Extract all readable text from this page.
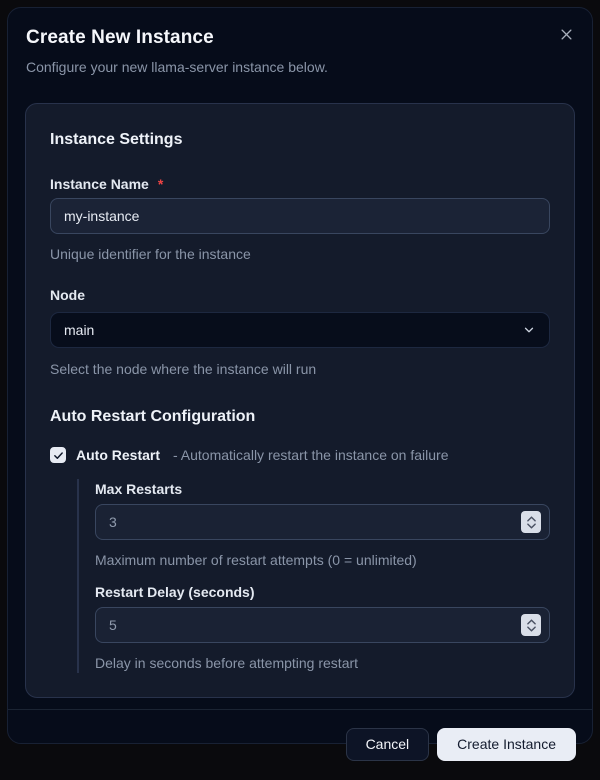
Create New Instance
Configure your new llama-server instance below.
Instance Settings
Instance Name *
my-instance
Unique identifier for the instance
Node
main
Select the node where the instance will run
Auto Restart Configuration
Auto Restart - Automatically restart the instance on failure
Max Restarts
3
Maximum number of restart attempts (0 = unlimited)
Restart Delay (seconds)
5
Delay in seconds before attempting restart
Cancel	Create Instance
